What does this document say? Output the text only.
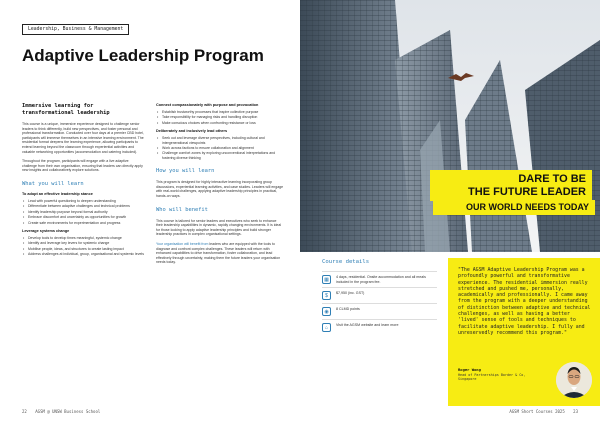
Leadership, Business & Management
Adaptive Leadership Program
Immersive learning for transformational leadership

This course is a unique, immersive experience designed to challenge senior leaders to think differently, build new perspectives, and foster personal and professional transformation. Conducted over four days at a premier CBD hotel, participants will immerse themselves in an intensive learning environment. The residential format deepens the learning experience, allowing participants to extend learning beyond the classroom through experiential activities and valuable networking opportunities (accommodation and catering included).

Throughout the program, participants will engage with a live adaptive challenge from their own organisation, ensuring that leaders can directly apply new insights and collaboratively explore solutions.

What you will learn
To adopt an effective leadership stance
• Lead with powerful questioning to deepen understanding
• Differentiate between adaptive challenges and technical problems
• Identify leadership purpose beyond formal authority
• Embrace discomfort and uncertainty as opportunities for growth
• Create safe environments for experimentation and progress
Leverage systems change
• Develop tools to develop times meaningful, systemic change
• Identify and leverage key levers for systemic change
• Mobilise people, ideas, and structures to create lasting impact
• Address challenges at individual, group, organisational and systemic levels
Connect compassionately with purpose and provocation
• Establish trustworthy processes that inspire collective purpose
• Take responsibility for managing risks and handling disruption
• Make conscious choices when confronting resistance or loss
Deliberately and inclusively lead others
• Seek out and leverage diverse perspectives, including cultural and intergenerational viewpoints
• Work across factions to ensure collaboration and alignment
• Challenge comfort zones by exploring unconventional interpretations and fostering diverse thinking
How you will learn

This program is designed for highly interactive learning incorporating group discussions, experiential learning activities, and case studies. Leaders will engage with real-world challenges, applying adaptive leadership principles in practical, hands-on ways.

Who will benefit

This course is tailored for senior leaders and executives who seek to enhance their leadership capabilities in dynamic, rapidly changing environments. It is ideal for those looking to apply adaptive leadership principles and build stronger leadership practices in complex organisational settings.

Your organisation will benefit from leaders who are equipped with the tools to diagnose and confront complex challenges. These leaders will return with enhanced capabilities to drive transformation, foster collaboration, and lead effectively through uncertainty, making them the future leaders your organisation needs today.

22 AGSM @ UNSW Business School
DARE TO BE
THE FUTURE LEADER
OUR WORLD NEEDS TODAY
Course details
▦	4 days, residential. Onsite accommodation and all meals included in the program fee.
$	$7,950 (inc. GST)
◉	8 CLMD points
⌂	Visit the AGSM website and learn more

"The AGSM Adaptive Leadership Program was a profoundly powerful and transformative experience. The residential immersion really stretched and pushed me, personally, academically and professionally. I came away from the program with a deeper understanding of distinction between adaptive and technical challenges, as well as having a better 'lived' sense of tools and techniques to facilitate adaptive leadership. I fully and unreservedly recommend this program."

Roger Wong
Head of Partnerships Border & Co, Singapore
AGSM Short Courses 2025 23
